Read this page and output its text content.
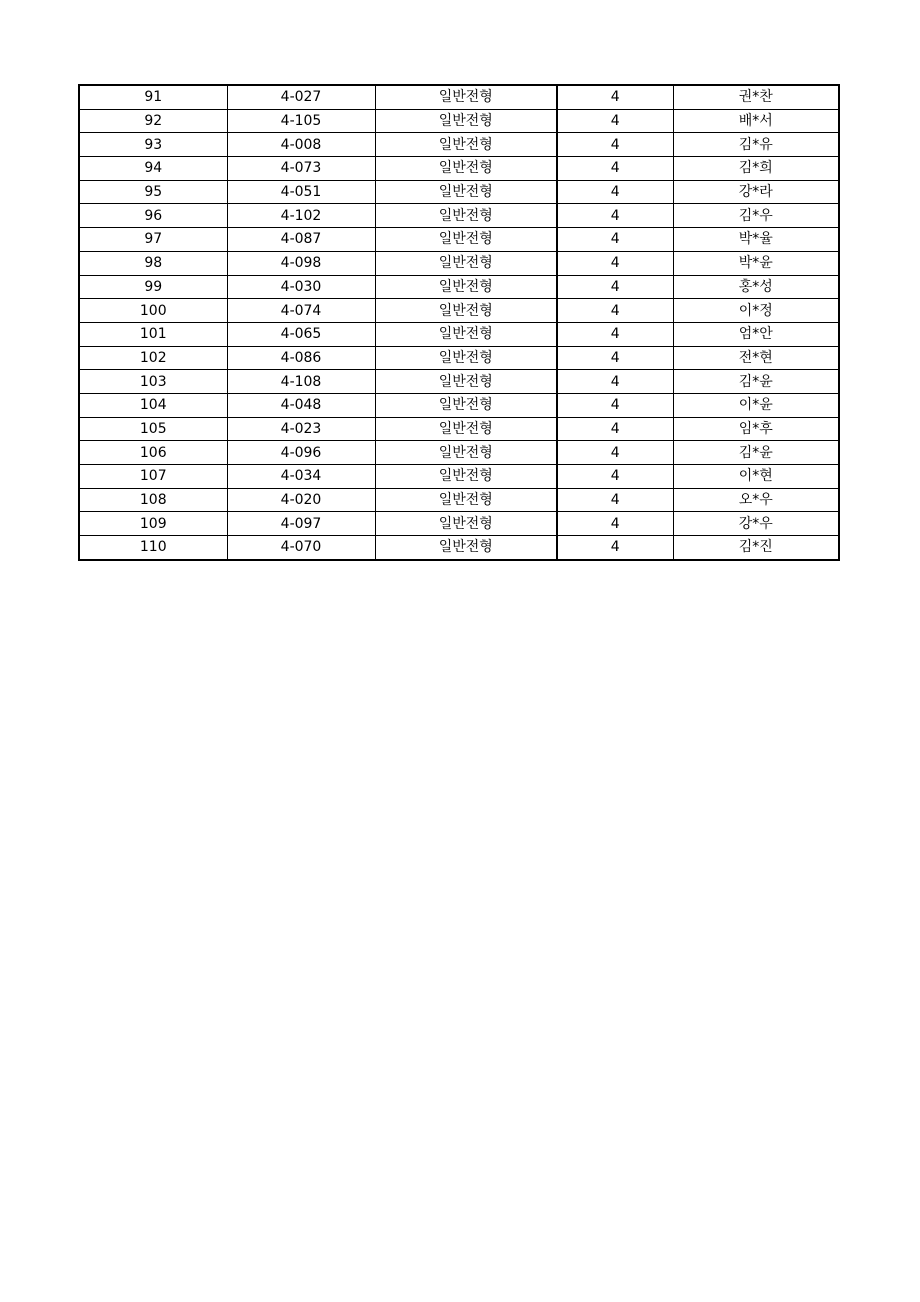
91	4-027	일반전형	4	권*찬
92	4-105	일반전형	4	배*서
93	4-008	일반전형	4	김*유
94	4-073	일반전형	4	김*희
95	4-051	일반전형	4	강*라
96	4-102	일반전형	4	김*우
97	4-087	일반전형	4	박*율
98	4-098	일반전형	4	박*윤
99	4-030	일반전형	4	홍*성
100	4-074	일반전형	4	이*정
101	4-065	일반전형	4	엄*안
102	4-086	일반전형	4	전*현
103	4-108	일반전형	4	김*윤
104	4-048	일반전형	4	이*윤
105	4-023	일반전형	4	임*후
106	4-096	일반전형	4	김*윤
107	4-034	일반전형	4	이*현
108	4-020	일반전형	4	오*우
109	4-097	일반전형	4	강*우
110	4-070	일반전형	4	김*진
